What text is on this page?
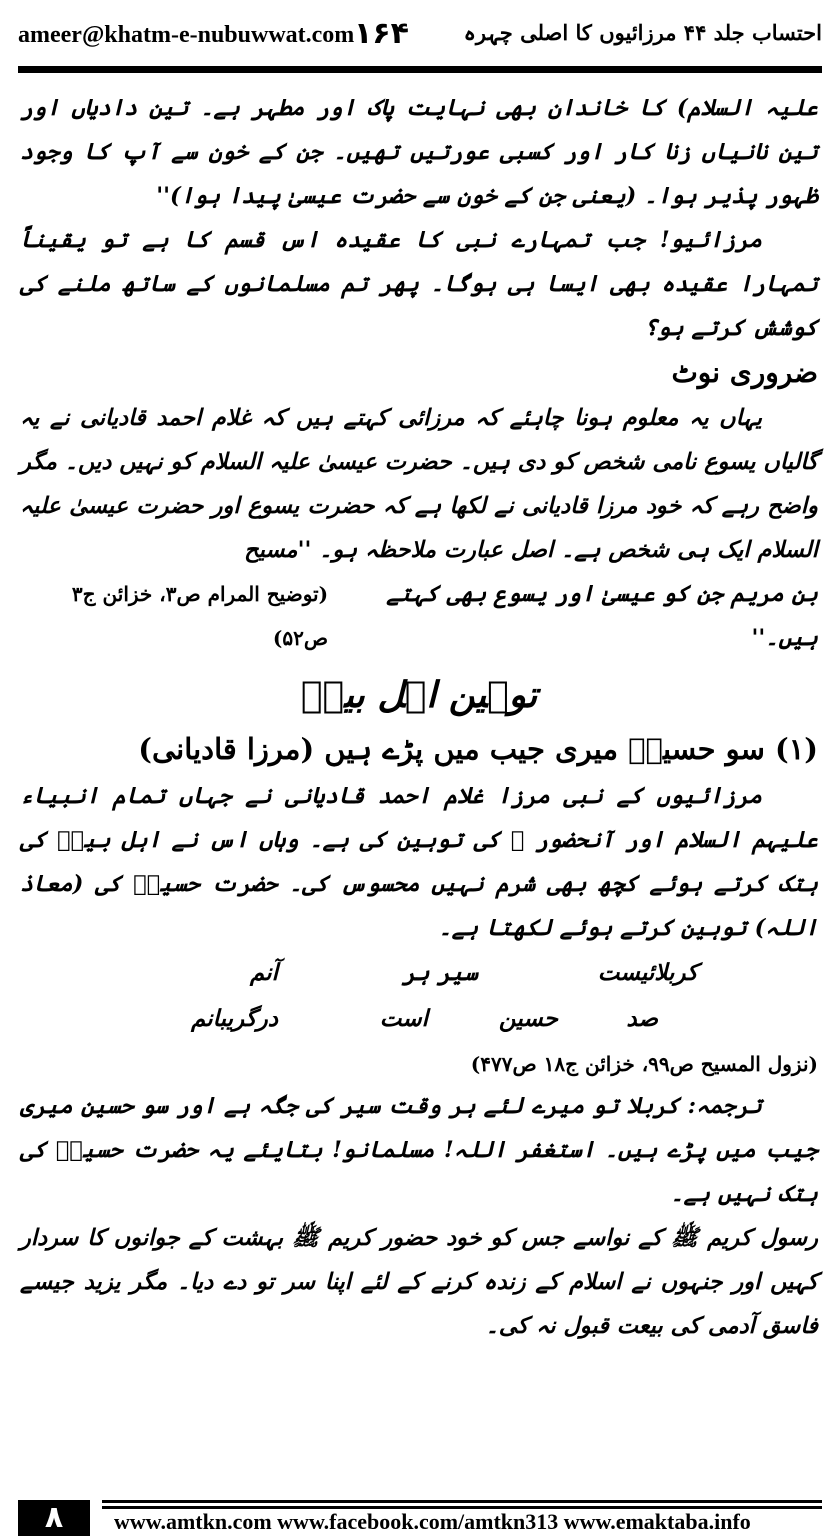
ameer@khatm-e-nubuwwat.com ۱۶۴	احتساب جلد ۴۴ مرزائیوں کا اصلی چہرہ

علیہ السلام) کا خاندان بھی نہایت پاک اور مطہر ہے۔ تین دادیاں اور تین نانیاں زنا کار اور کسبی عورتیں تھیں۔ جن کے خون سے آپ کا وجود ظہور پذیر ہوا۔ (یعنی جن کے خون سے حضرت عیسیٰ پیدا ہوا)''

مرزائیو! جب تمہارے نبی کا عقیدہ اس قسم کا ہے تو یقیناً تمہارا عقیدہ بھی ایسا ہی ہوگا۔ پھر تم مسلمانوں کے ساتھ ملنے کی کوشش کرتے ہو؟

ضروری نوٹ

یہاں یہ معلوم ہونا چاہئے کہ مرزائی کہتے ہیں کہ غلام احمد قادیانی نے یہ گالیاں یسوع نامی شخص کو دی ہیں۔ حضرت عیسیٰ علیہ السلام کو نہیں دیں۔ مگر واضح رہے کہ خود مرزا قادیانی نے لکھا ہے کہ حضرت یسوع اور حضرت عیسیٰ علیہ السلام ایک ہی شخص ہے۔ اصل عبارت ملاحظہ ہو۔ ''مسیح

بن مریم جن کو عیسیٰ اور یسوع بھی کہتے ہیں۔''
(توضیح المرام ص۳، خزائن ج۳ ص۵۲)

توہین اہل بیتؓ

(۱) سو حسینؓ میری جیب میں پڑے ہیں (مرزا قادیانی)

مرزائیوں کے نبی مرزا غلام احمد قادیانی نے جہاں تمام انبیاء علیہم السلام اور آنحضور ﷺ کی توہین کی ہے۔ وہاں اس نے اہل بیتؓ کی ہتک کرتے ہوئے کچھ بھی شرم نہیں محسوس کی۔ حضرت حسینؓ کی (معاذ اللہ) توہین کرتے ہوئے لکھتا ہے۔

کربلائیست
سیر ہر
آنم
صد
حسین
است
درگریبانم

(نزول المسیح ص۹۹، خزائن ج۱۸ ص۴۷۷)

ترجمہ: کربلا تو میرے لئے ہر وقت سیر کی جگہ ہے اور سو حسین میری جیب میں پڑے ہیں۔ استغفر اللہ! مسلمانو! بتایئے یہ حضرت حسینؓ کی ہتک نہیں ہے۔

رسول کریم ﷺ کے نواسے جس کو خود حضور کریم ﷺ بہشت کے جوانوں کا سردار کہیں اور جنہوں نے اسلام کے زندہ کرنے کے لئے اپنا سر تو دے دیا۔ مگر یزید جیسے فاسق آدمی کی بیعت قبول نہ کی۔

۸	www.amtkn.com www.facebook.com/amtkn313 www.emaktaba.info
